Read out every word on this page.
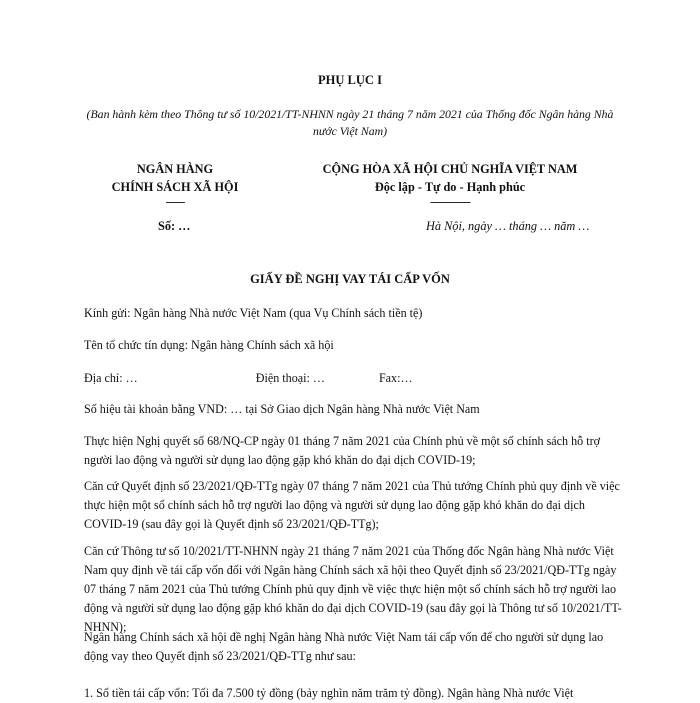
PHỤ LỤC I
(Ban hành kèm theo Thông tư số 10/2021/TT-NHNN ngày 21 tháng 7 năm 2021 của Thống đốc Ngân hàng Nhà nước Việt Nam)
NGÂN HÀNG
CHÍNH SÁCH XÃ HỘI
-------
CỘNG HÒA XÃ HỘI CHỦ NGHĨA VIỆT NAM
Độc lập - Tự do - Hạnh phúc
---------------
Số: …	Hà Nội, ngày … tháng … năm …
GIẤY ĐỀ NGHỊ VAY TÁI CẤP VỐN
Kính gửi: Ngân hàng Nhà nước Việt Nam (qua Vụ Chính sách tiền tệ)
Tên tổ chức tín dụng: Ngân hàng Chính sách xã hội
Địa chỉ: …	Điện thoại: …	Fax:…
Số hiệu tài khoản bằng VND: … tại Sở Giao dịch Ngân hàng Nhà nước Việt Nam
Thực hiện Nghị quyết số 68/NQ-CP ngày 01 tháng 7 năm 2021 của Chính phủ về một số chính sách hỗ trợ người lao động và người sử dụng lao động gặp khó khăn do đại dịch COVID-19;
Căn cứ Quyết định số 23/2021/QĐ-TTg ngày 07 tháng 7 năm 2021 của Thủ tướng Chính phủ quy định về việc thực hiện một số chính sách hỗ trợ người lao động và người sử dụng lao động gặp khó khăn do đại dịch COVID-19 (sau đây gọi là Quyết định số 23/2021/QĐ-TTg);
Căn cứ Thông tư số 10/2021/TT-NHNN ngày 21 tháng 7 năm 2021 của Thống đốc Ngân hàng Nhà nước Việt Nam quy định về tái cấp vốn đối với Ngân hàng Chính sách xã hội theo Quyết định số 23/2021/QĐ-TTg ngày 07 tháng 7 năm 2021 của Thủ tướng Chính phủ quy định về việc thực hiện một số chính sách hỗ trợ người lao động và người sử dụng lao động gặp khó khăn do đại dịch COVID-19 (sau đây gọi là Thông tư số 10/2021/TT-NHNN);
Ngân hàng Chính sách xã hội đề nghị Ngân hàng Nhà nước Việt Nam tái cấp vốn để cho người sử dụng lao động vay theo Quyết định số 23/2021/QĐ-TTg như sau:
1. Số tiền tái cấp vốn: Tối đa 7.500 tỷ đồng (bảy nghìn năm trăm tỷ đồng). Ngân hàng Nhà nước Việt
